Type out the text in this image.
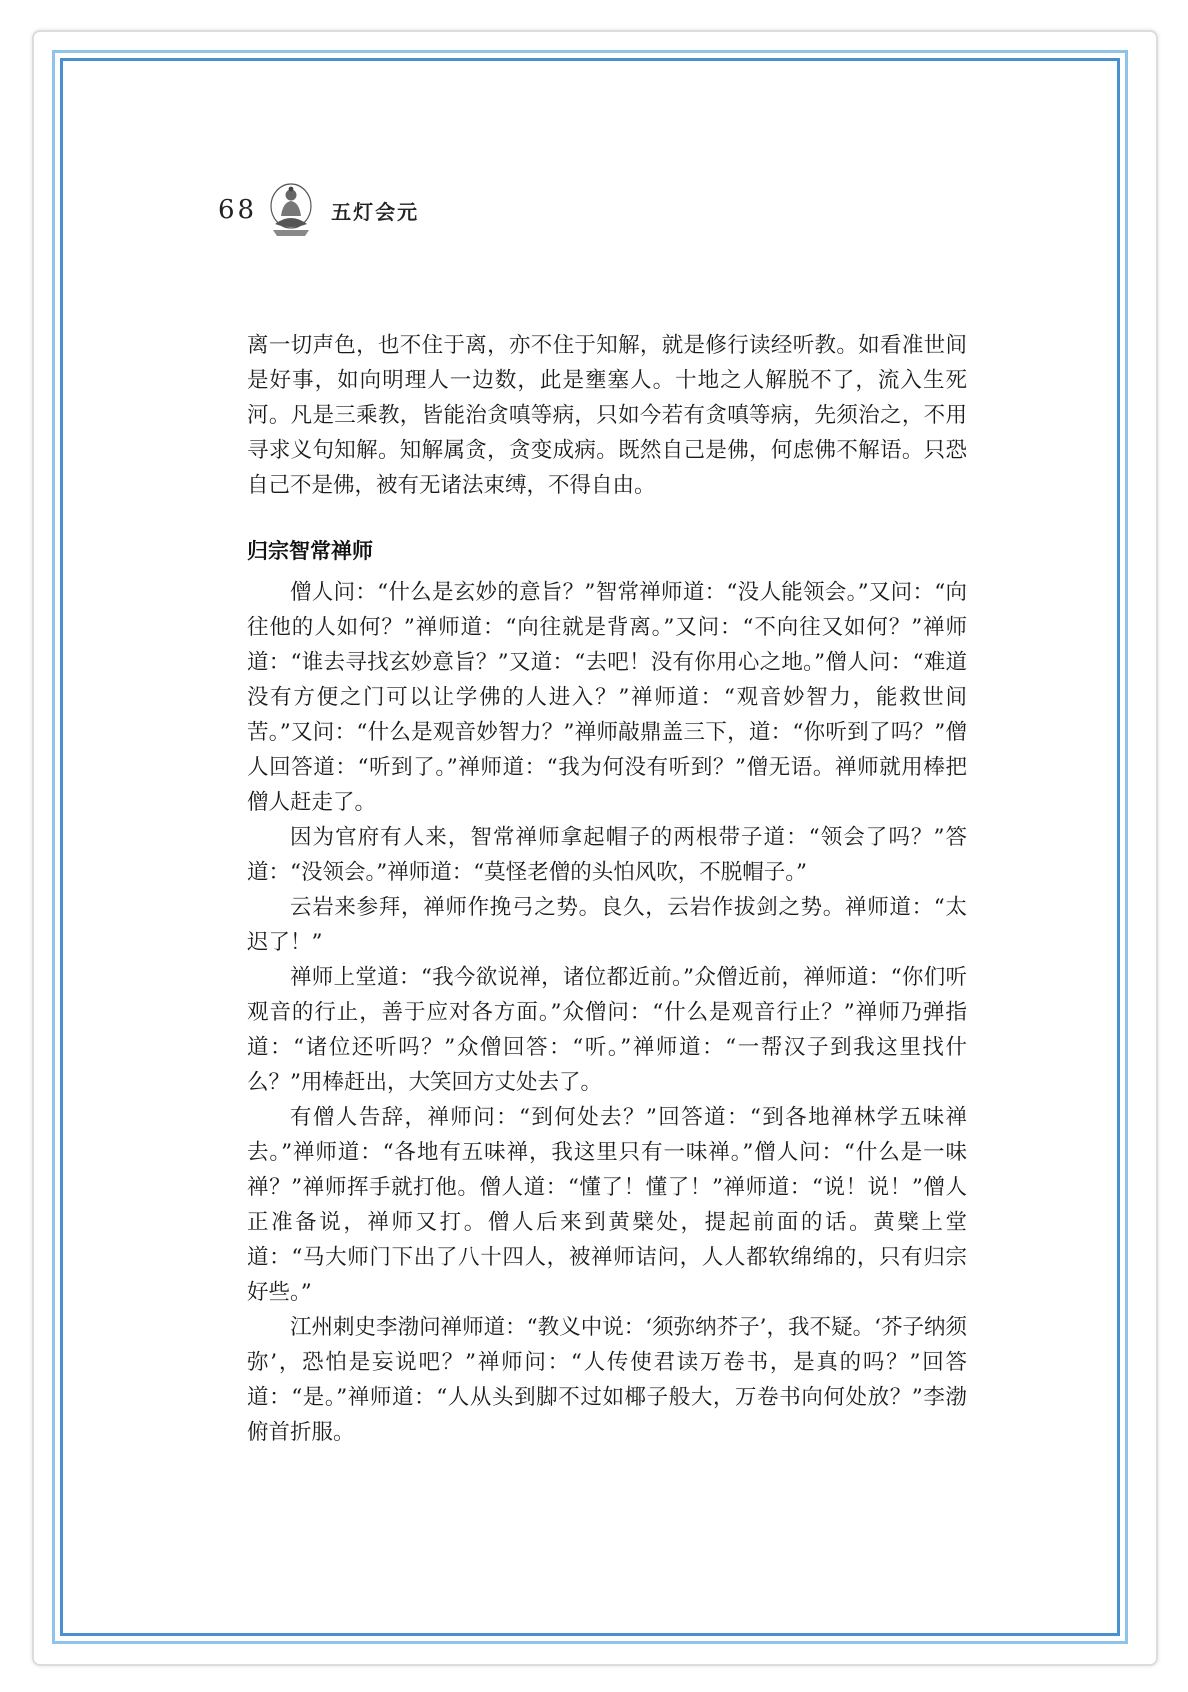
68	五灯会元

离一切声色，也不住于离，亦不住于知解，就是修行读经听教。如看准世间是好事，如向明理人一边数，此是壅塞人。十地之人解脱不了，流入生死河。凡是三乘教，皆能治贪嗔等病，只如今若有贪嗔等病，先须治之，不用寻求义句知解。知解属贪，贪变成病。既然自己是佛，何虑佛不解语。只恐自己不是佛，被有无诸法束缚，不得自由。

归宗智常禅师

僧人问：“什么是玄妙的意旨？”智常禅师道：“没人能领会。”又问：“向往他的人如何？”禅师道：“向往就是背离。”又问：“不向往又如何？”禅师道：“谁去寻找玄妙意旨？”又道：“去吧！没有你用心之地。”僧人问：“难道没有方便之门可以让学佛的人进入？”禅师道：“观音妙智力，能救世间苦。”又问：“什么是观音妙智力？”禅师敲鼎盖三下，道：“你听到了吗？”僧人回答道：“听到了。”禅师道：“我为何没有听到？”僧无语。禅师就用棒把僧人赶走了。

因为官府有人来，智常禅师拿起帽子的两根带子道：“领会了吗？”答道：“没领会。”禅师道：“莫怪老僧的头怕风吹，不脱帽子。”

云岩来参拜，禅师作挽弓之势。良久，云岩作拔剑之势。禅师道：“太迟了！”

禅师上堂道：“我今欲说禅，诸位都近前。”众僧近前，禅师道：“你们听观音的行止，善于应对各方面。”众僧问：“什么是观音行止？”禅师乃弹指道：“诸位还听吗？”众僧回答：“听。”禅师道：“一帮汉子到我这里找什么？”用棒赶出，大笑回方丈处去了。

有僧人告辞，禅师问：“到何处去？”回答道：“到各地禅林学五味禅去。”禅师道：“各地有五味禅，我这里只有一味禅。”僧人问：“什么是一味禅？”禅师挥手就打他。僧人道：“懂了！懂了！”禅师道：“说！说！”僧人正准备说，禅师又打。僧人后来到黄檗处，提起前面的话。黄檗上堂道：“马大师门下出了八十四人，被禅师诘问，人人都软绵绵的，只有归宗好些。”

江州刺史李渤问禅师道：“教义中说：‘须弥纳芥子’，我不疑。‘芥子纳须弥’，恐怕是妄说吧？”禅师问：“人传使君读万卷书，是真的吗？”回答道：“是。”禅师道：“人从头到脚不过如椰子般大，万卷书向何处放？”李渤俯首折服。
